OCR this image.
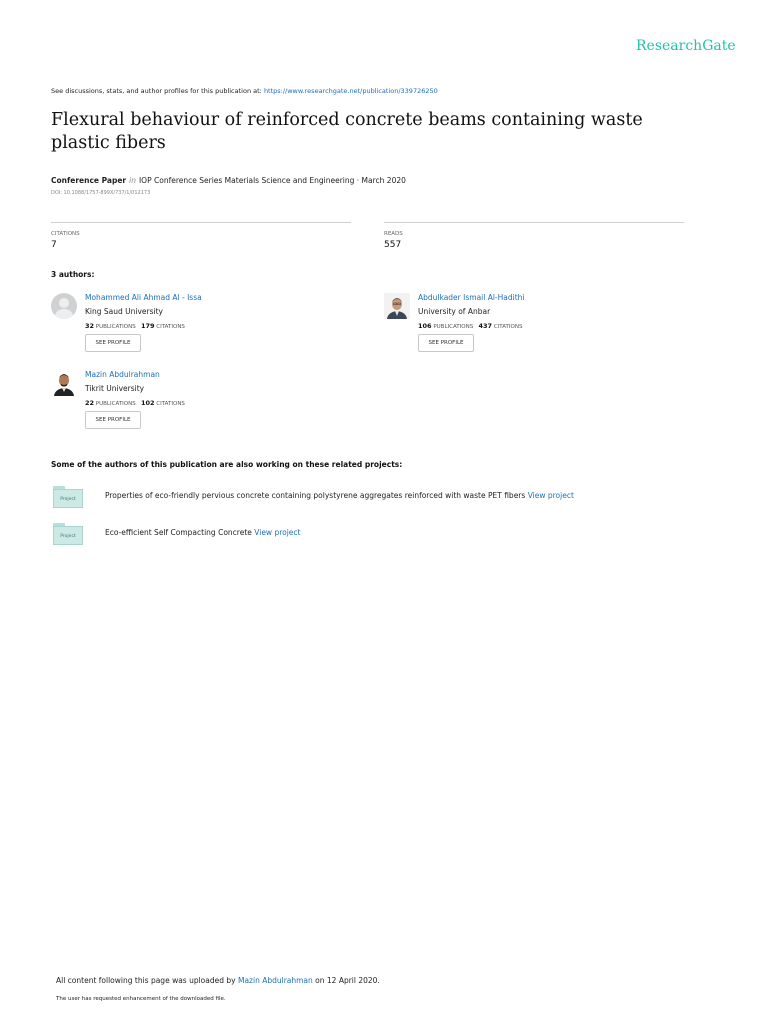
ResearchGate
See discussions, stats, and author profiles for this publication at: https://www.researchgate.net/publication/339726250
Flexural behaviour of reinforced concrete beams containing waste plastic fibers
Conference Paper in IOP Conference Series Materials Science and Engineering · March 2020
DOI: 10.1088/1757-899X/737/1/012173
CITATIONS
7
READS
557
3 authors:
Mohammed Ali Ahmad Al - Issa
King Saud University
32 PUBLICATIONS 179 CITATIONS
SEE PROFILE
Abdulkader Ismail Al-Hadithi
University of Anbar
106 PUBLICATIONS 437 CITATIONS
SEE PROFILE
Mazin Abdulrahman
Tikrit University
22 PUBLICATIONS 102 CITATIONS
SEE PROFILE
Some of the authors of this publication are also working on these related projects:
Project	Properties of eco-friendly pervious concrete containing polystyrene aggregates reinforced with waste PET fibers View project
Project	Eco-efficient Self Compacting Concrete View project
All content following this page was uploaded by Mazin Abdulrahman on 12 April 2020.
The user has requested enhancement of the downloaded file.
